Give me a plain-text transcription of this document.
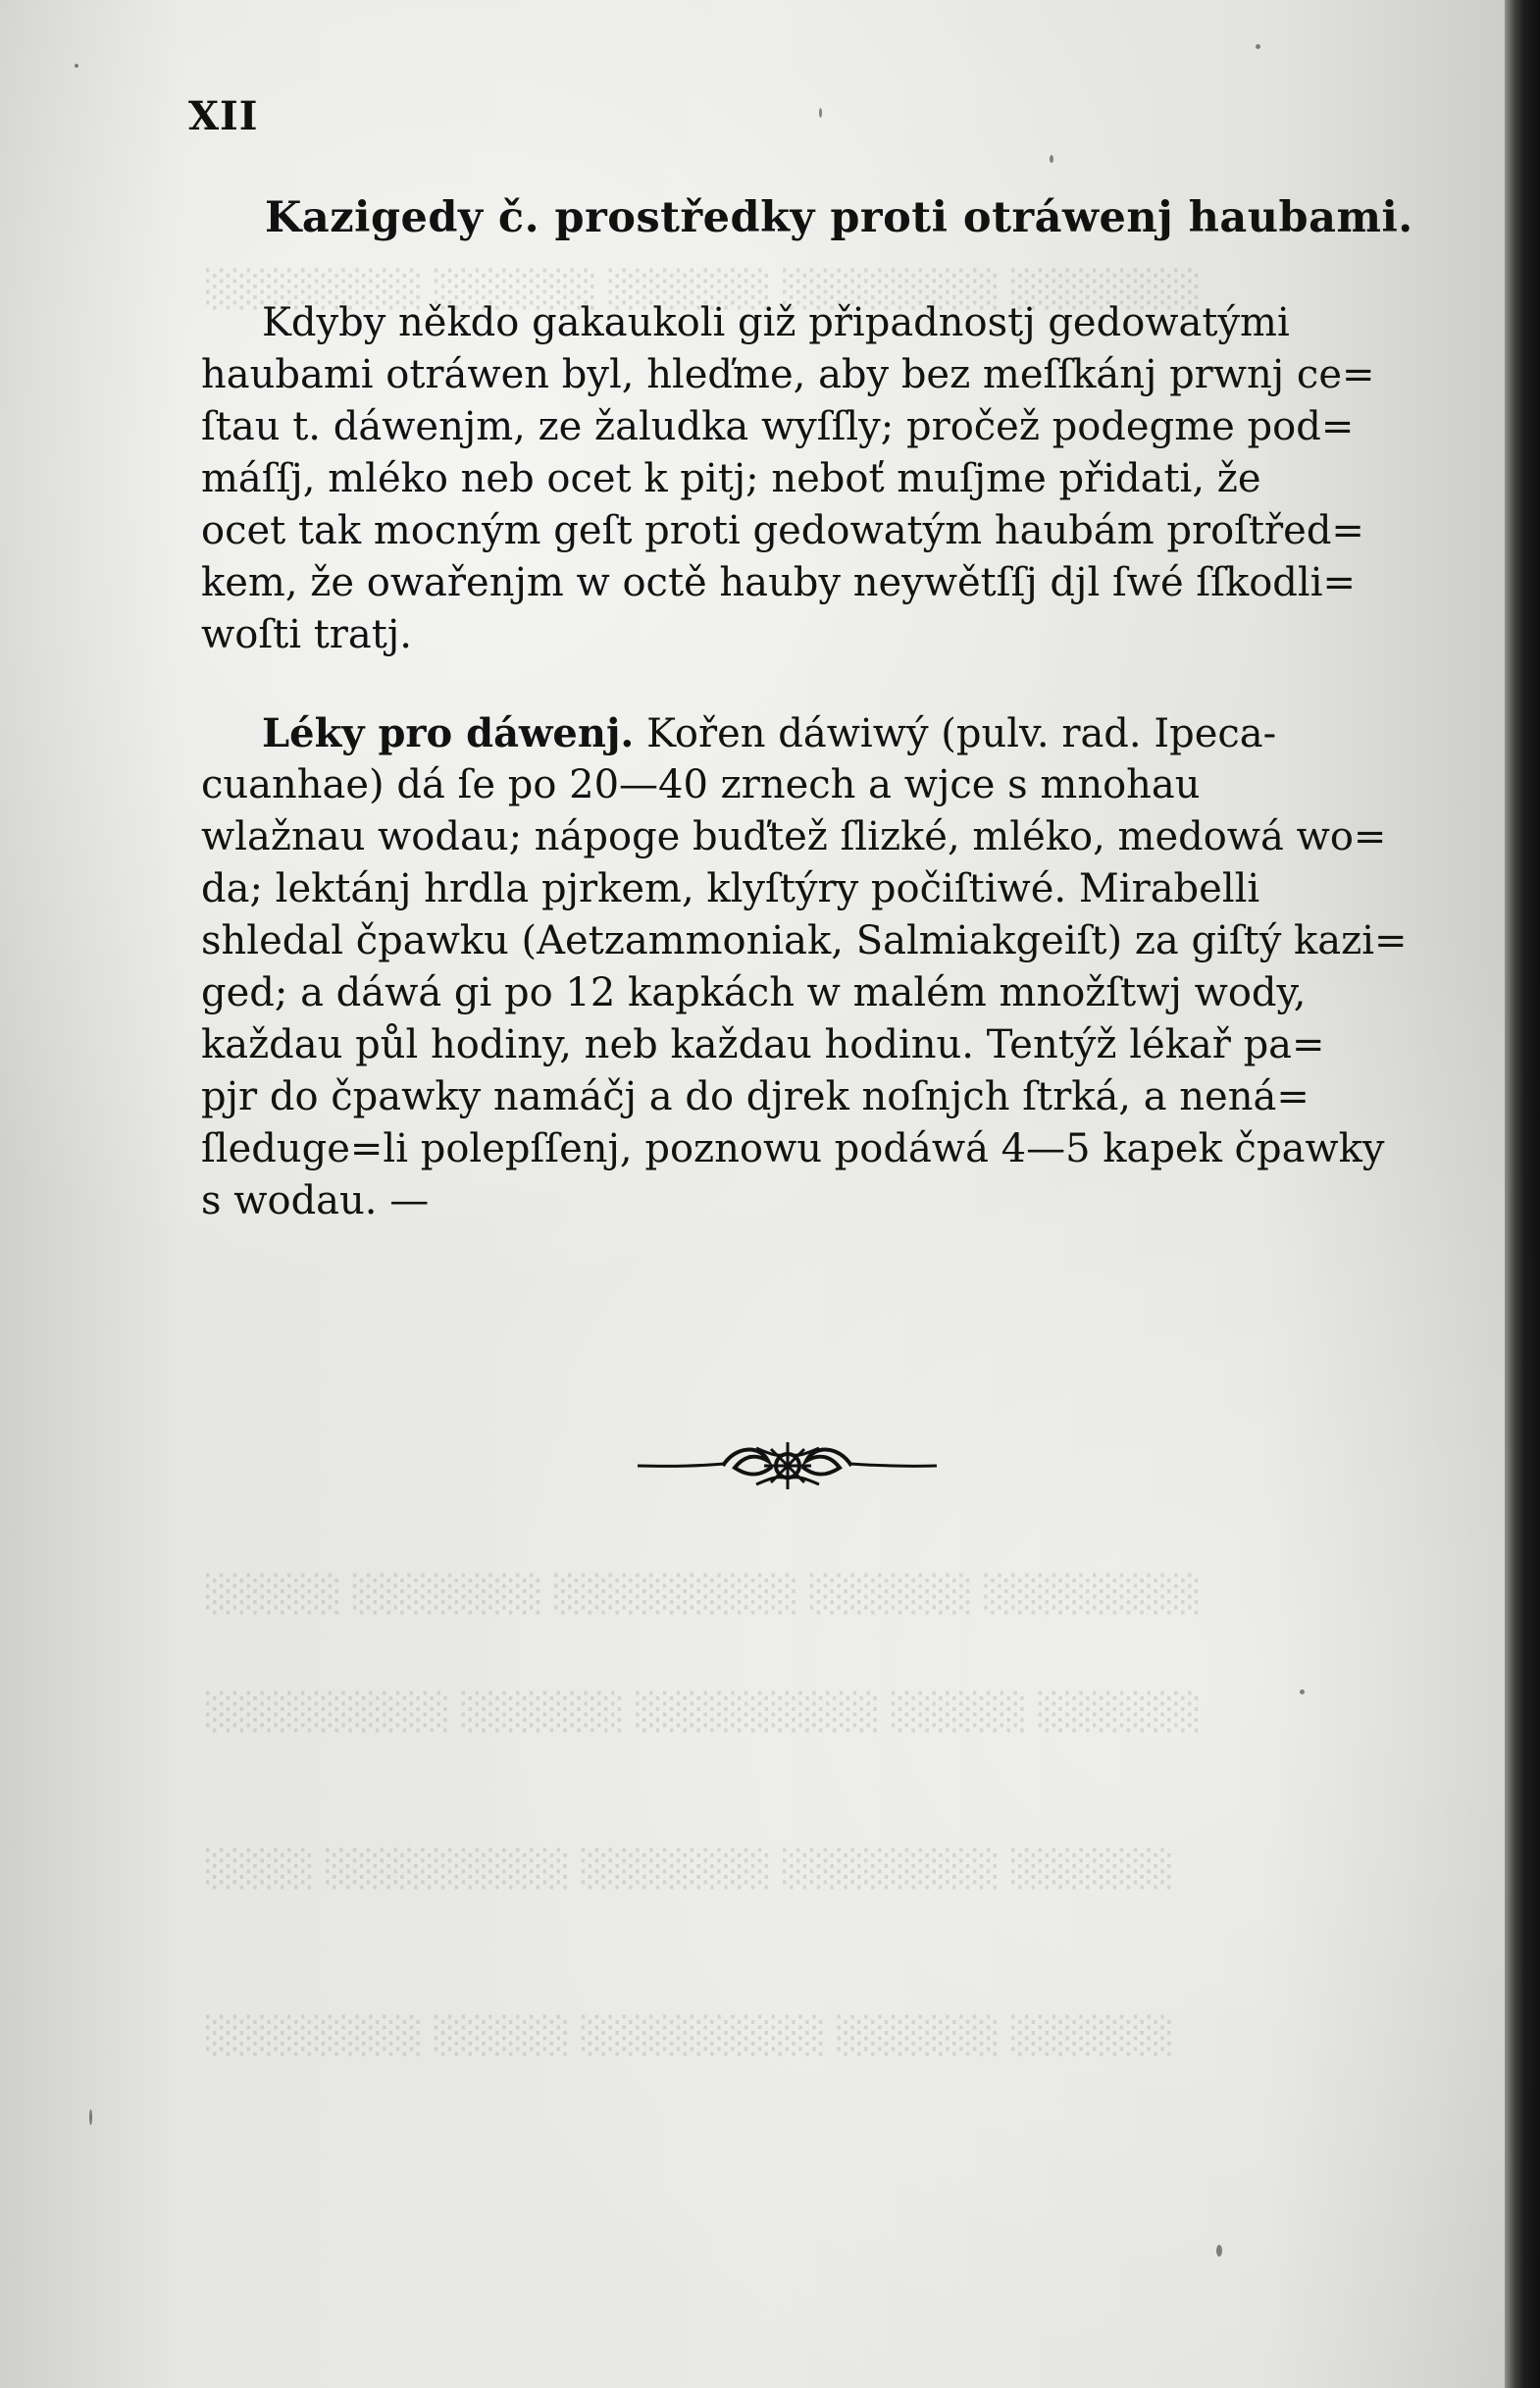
░░░░░░░░ ░░░░░░ ░░░░░░ ░░░░░░░░ ░░░░░░░
░░░░░ ░░░░░░░ ░░░░░░░░░ ░░░░░░ ░░░░░░░░
░░░░░░░░░ ░░░░░░ ░░░░░░░░░ ░░░░░ ░░░░░░
░░░░ ░░░░░░░░░ ░░░░░░░ ░░░░░░░░ ░░░░░░
░░░░░░░░ ░░░░░ ░░░░░░░░░ ░░░░░░ ░░░░░░
XII
Kazigedy č. prostředky proti otráwenj haubami.
Kdyby někdo gakaukoli giž připadnostj gedowatými
haubami otráwen byl, hleďme, aby bez meſſkánj prwnj ce=
ſtau t. dáwenjm, ze žaludka wyſſly; pročež podegme pod=
máſſj, mléko neb ocet k pitj; neboť muſjme přidati, že
ocet tak mocným geſt proti gedowatým haubám proſtřed=
kem, že owařenjm w octě hauby neywětſſj djl ſwé ſſkodli=
woſti tratj.
Léky pro dáwenj. Kořen dáwiwý (pulv. rad. Ipeca-
cuanhae) dá ſe po 20—40 zrnech a wjce s mnohau
wlažnau wodau; nápoge buďtež ſlizké, mléko, medowá wo=
da; lektánj hrdla pjrkem, klyſtýry počiſtiwé. Mirabelli
shledal čpawku (Aetzammoniak, Salmiakgeiſt) za giſtý kazi=
ged; a dáwá gi po 12 kapkách w malém množſtwj wody,
každau půl hodiny, neb každau hodinu. Tentýž lékař pa=
pjr do čpawky namáčj a do djrek noſnjch ſtrká, a nená=
ſleduge=li polepſſenj, poznowu podáwá 4—5 kapek čpawky
s wodau. —
